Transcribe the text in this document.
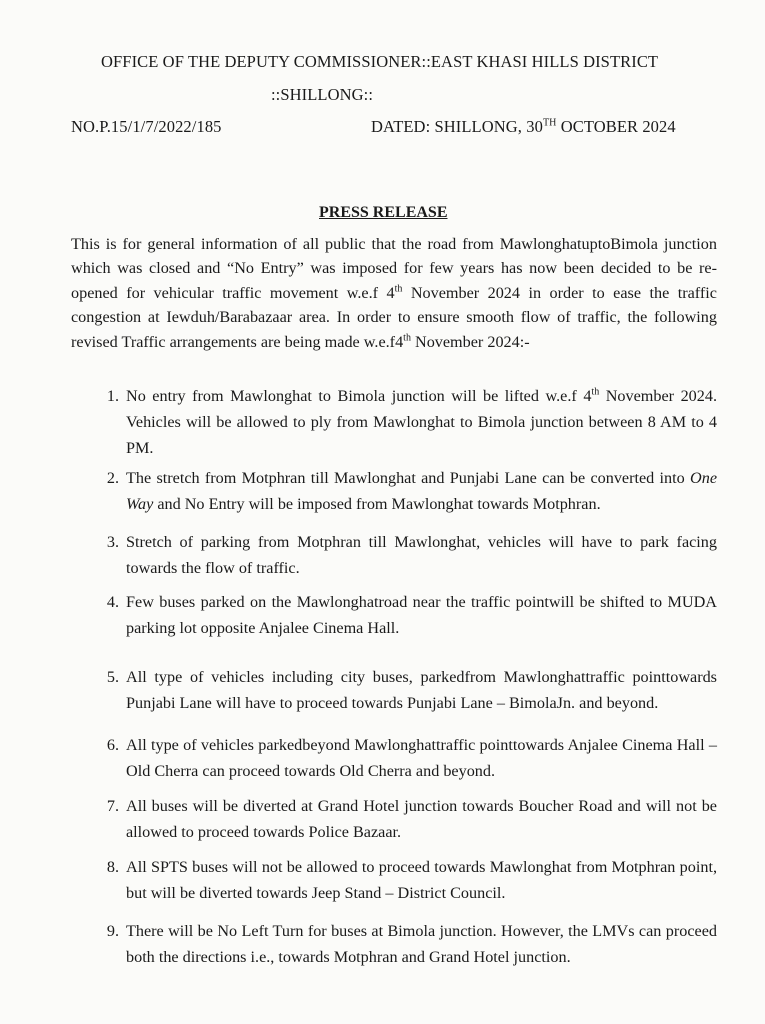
OFFICE OF THE DEPUTY COMMISSIONER::EAST KHASI HILLS DISTRICT
::SHILLONG::
NO.P.15/1/7/2022/185	DATED: SHILLONG, 30TH OCTOBER 2024
PRESS RELEASE
This is for general information of all public that the road from MawlonghatuptoBimola junction which was closed and “No Entry” was imposed for few years has now been decided to be re-opened for vehicular traffic movement w.e.f 4th November 2024 in order to ease the traffic congestion at Iewduh/Barabazaar area. In order to ensure smooth flow of traffic, the following revised Traffic arrangements are being made w.e.f4th November 2024:-
1. No entry from Mawlonghat to Bimola junction will be lifted w.e.f 4th November 2024. Vehicles will be allowed to ply from Mawlonghat to Bimola junction between 8 AM to 4 PM.
2. The stretch from Motphran till Mawlonghat and Punjabi Lane can be converted into One Way and No Entry will be imposed from Mawlonghat towards Motphran.
3. Stretch of parking from Motphran till Mawlonghat, vehicles will have to park facing towards the flow of traffic.
4. Few buses parked on the Mawlonghatroad near the traffic pointwill be shifted to MUDA parking lot opposite Anjalee Cinema Hall.
5. All type of vehicles including city buses, parkedfrom Mawlonghattraffic pointtowards Punjabi Lane will have to proceed towards Punjabi Lane – BimolaJn. and beyond.
6. All type of vehicles parkedbeyond Mawlonghattraffic pointtowards Anjalee Cinema Hall – Old Cherra can proceed towards Old Cherra and beyond.
7. All buses will be diverted at Grand Hotel junction towards Boucher Road and will not be allowed to proceed towards Police Bazaar.
8. All SPTS buses will not be allowed to proceed towards Mawlonghat from Motphran point, but will be diverted towards Jeep Stand – District Council.
9. There will be No Left Turn for buses at Bimola junction. However, the LMVs can proceed both the directions i.e., towards Motphran and Grand Hotel junction.
